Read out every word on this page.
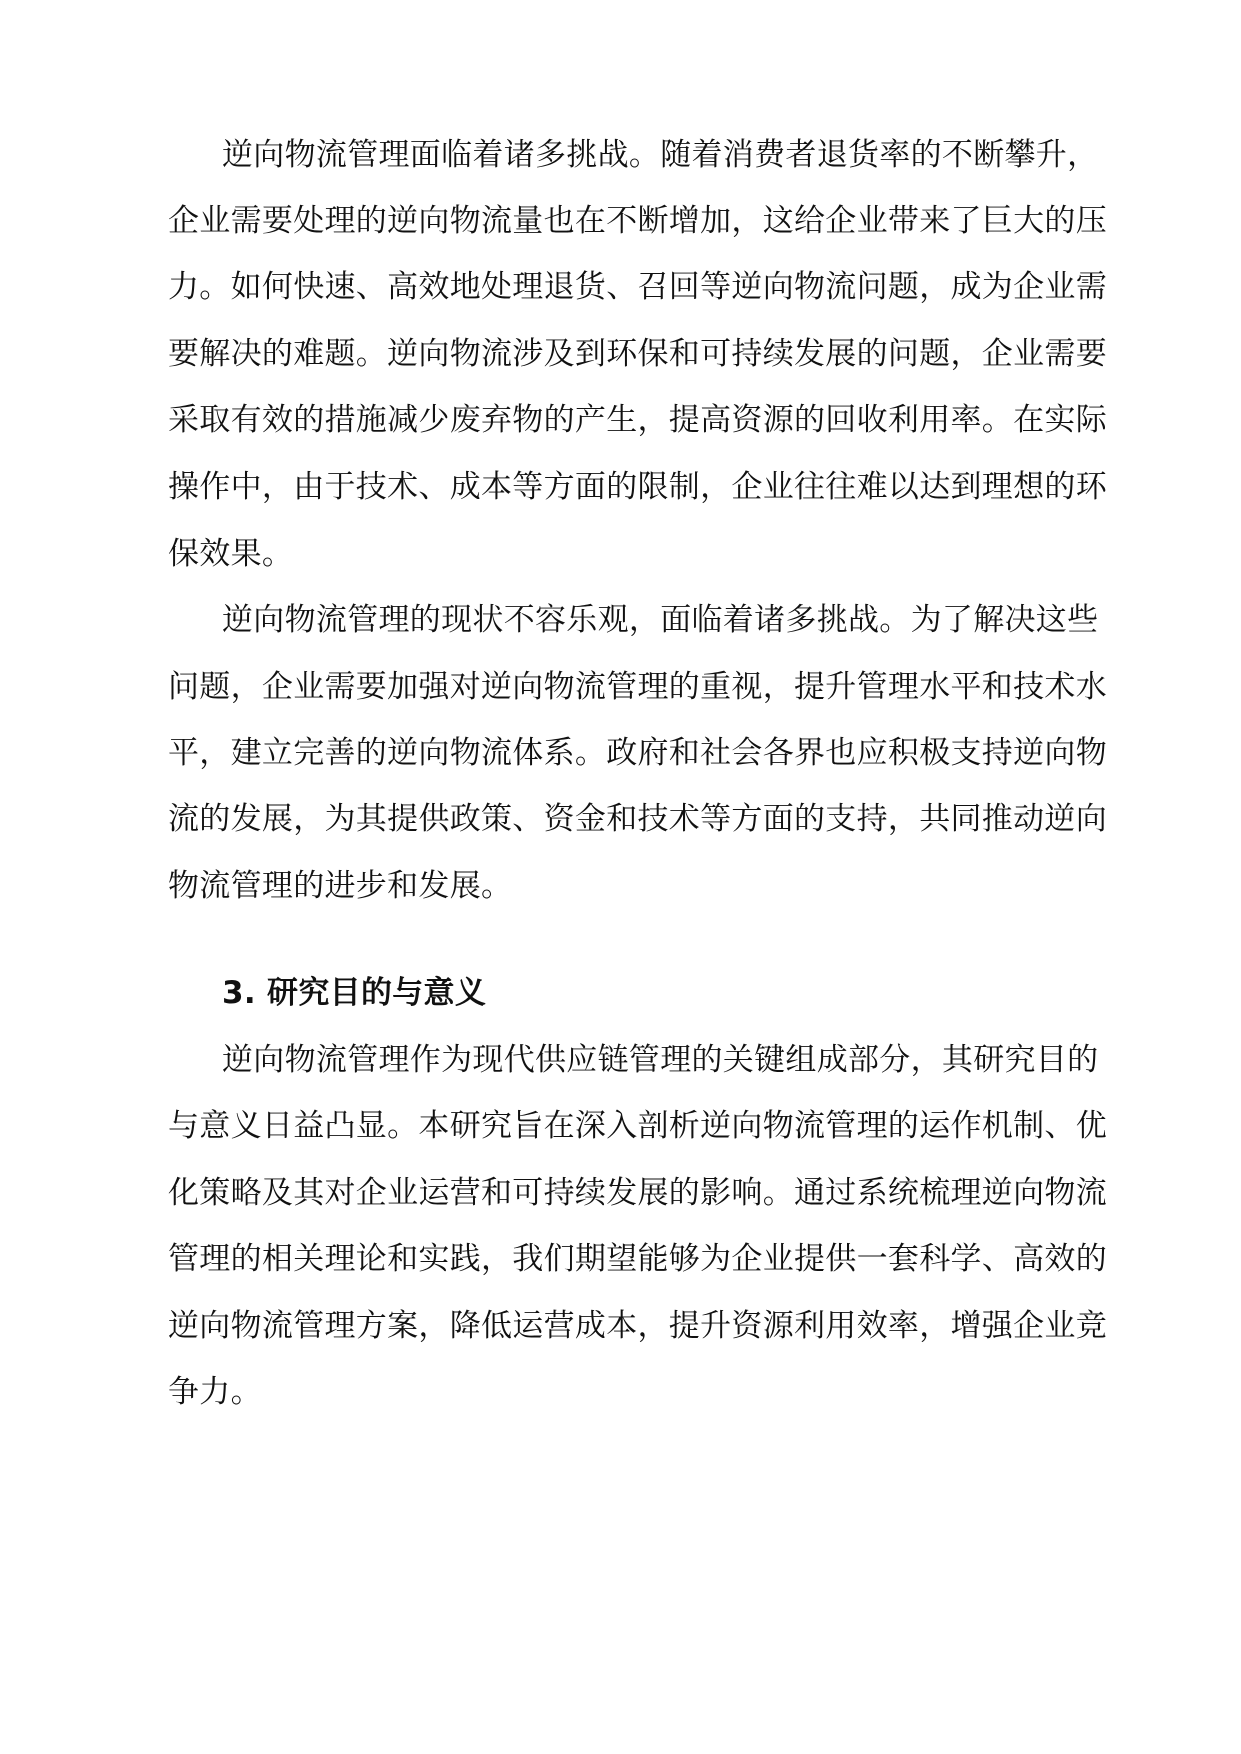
逆向物流管理面临着诸多挑战。随着消费者退货率的不断攀升，
企业需要处理的逆向物流量也在不断增加，这给企业带来了巨大的压
力。如何快速、高效地处理退货、召回等逆向物流问题，成为企业需
要解决的难题。逆向物流涉及到环保和可持续发展的问题，企业需要
采取有效的措施减少废弃物的产生，提高资源的回收利用率。在实际
操作中，由于技术、成本等方面的限制，企业往往难以达到理想的环
保效果。
逆向物流管理的现状不容乐观，面临着诸多挑战。为了解决这些
问题，企业需要加强对逆向物流管理的重视，提升管理水平和技术水
平，建立完善的逆向物流体系。政府和社会各界也应积极支持逆向物
流的发展，为其提供政策、资金和技术等方面的支持，共同推动逆向
物流管理的进步和发展。
3. 研究目的与意义
逆向物流管理作为现代供应链管理的关键组成部分，其研究目的
与意义日益凸显。本研究旨在深入剖析逆向物流管理的运作机制、优
化策略及其对企业运营和可持续发展的影响。通过系统梳理逆向物流
管理的相关理论和实践，我们期望能够为企业提供一套科学、高效的
逆向物流管理方案，降低运营成本，提升资源利用效率，增强企业竞
争力。
